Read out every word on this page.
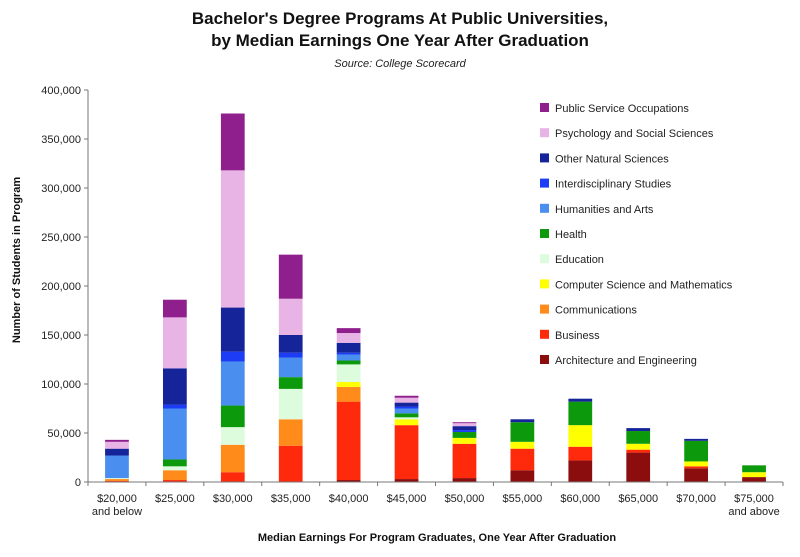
Bachelor's Degree Programs At Public Universities,
by Median Earnings One Year After Graduation
Source: College Scorecard
0
50,000
100,000
150,000
200,000
250,000
300,000
350,000
400,000
$20,000
and below
$25,000 $30,000 $35,000 $40,000 $45,000 $50,000 $55,000 $60,000 $65,000 $70,000 $75,000
and above
Median Earnings For Program Graduates, One Year After Graduation
Number of Students in Program
Public Service Occupations
Psychology and Social Sciences
Other Natural Sciences
Interdisciplinary Studies
Humanities and Arts
Health
Education
Computer Science and Mathematics
Communications
Business
Architecture and Engineering
